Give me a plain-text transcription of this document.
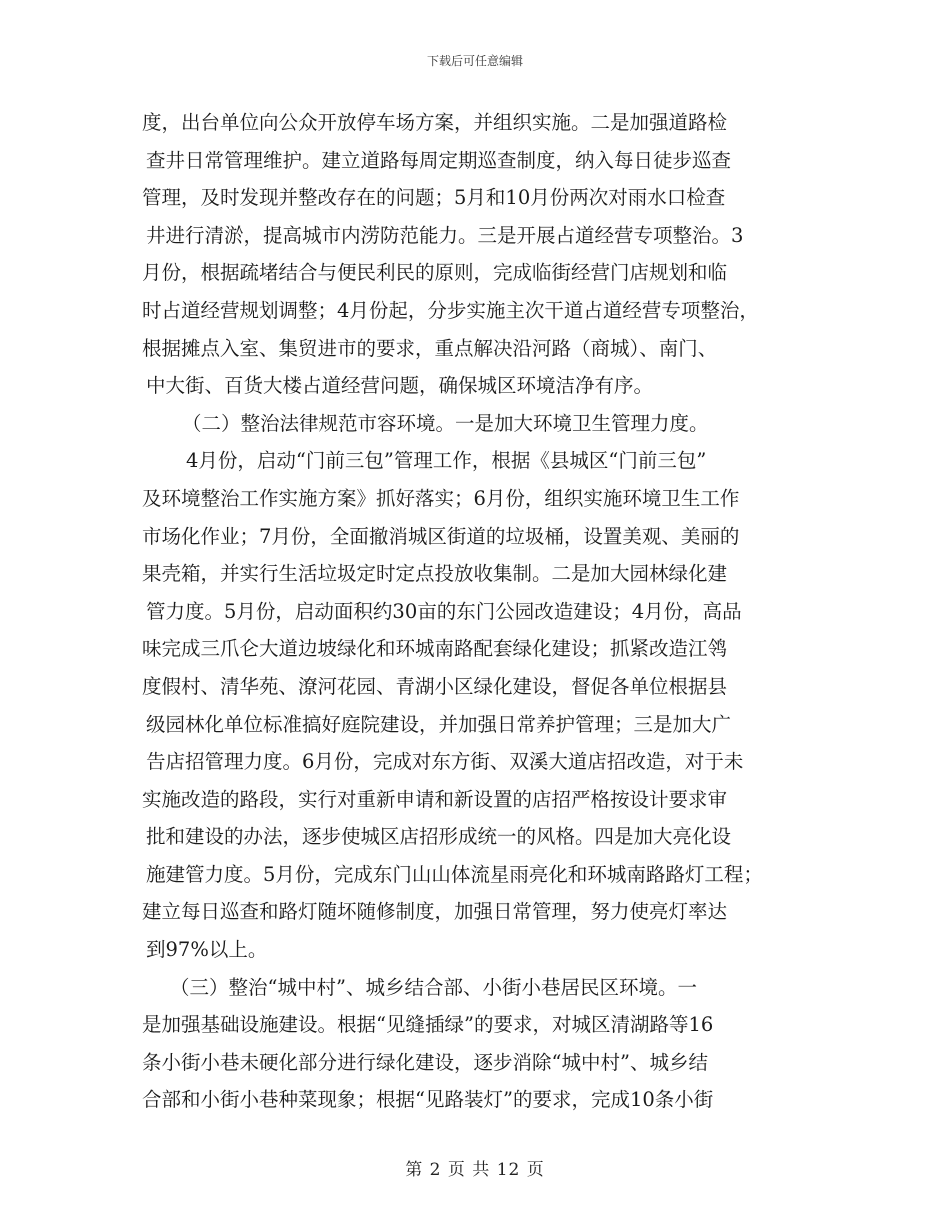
下载后可任意编辑
度，出台单位向公众开放停车场方案，并组织实施。二是加强道路检
查井日常管理维护。建立道路每周定期巡查制度，纳入每日徒步巡查
管理，及时发现并整改存在的问题；5月和10月份两次对雨水口检查
井进行清淤，提高城市内涝防范能力。三是开展占道经营专项整治。3
月份，根据疏堵结合与便民利民的原则，完成临街经营门店规划和临
时占道经营规划调整；4月份起，分步实施主次干道占道经营专项整治，
根据摊点入室、集贸进市的要求，重点解决沿河路（商城）、南门、
中大街、百货大楼占道经营问题，确保城区环境洁净有序。
（二）整治法律规范市容环境。一是加大环境卫生管理力度。
4月份，启动“门前三包”管理工作，根据《县城区“门前三包”
及环境整治工作实施方案》抓好落实；6月份，组织实施环境卫生工作
市场化作业；7月份，全面撤消城区街道的垃圾桶，设置美观、美丽的
果壳箱，并实行生活垃圾定时定点投放收集制。二是加大园林绿化建
管力度。5月份，启动面积约30亩的东门公园改造建设；4月份，高品
味完成三爪仑大道边坡绿化和环城南路配套绿化建设；抓紧改造江鸰
度假村、清华苑、潦河花园、青湖小区绿化建设，督促各单位根据县
级园林化单位标准搞好庭院建设，并加强日常养护管理；三是加大广
告店招管理力度。6月份，完成对东方街、双溪大道店招改造，对于未
实施改造的路段，实行对重新申请和新设置的店招严格按设计要求审
批和建设的办法，逐步使城区店招形成统一的风格。四是加大亮化设
施建管力度。5月份，完成东门山山体流星雨亮化和环城南路路灯工程；
建立每日巡查和路灯随坏随修制度，加强日常管理，努力使亮灯率达
到97%以上。
（三）整治“城中村”、城乡结合部、小街小巷居民区环境。一
是加强基础设施建设。根据“见缝插绿”的要求，对城区清湖路等16
条小街小巷未硬化部分进行绿化建设，逐步消除“城中村”、城乡结
合部和小街小巷种菜现象；根据“见路装灯”的要求，完成10条小街
第 2 页 共 12 页
